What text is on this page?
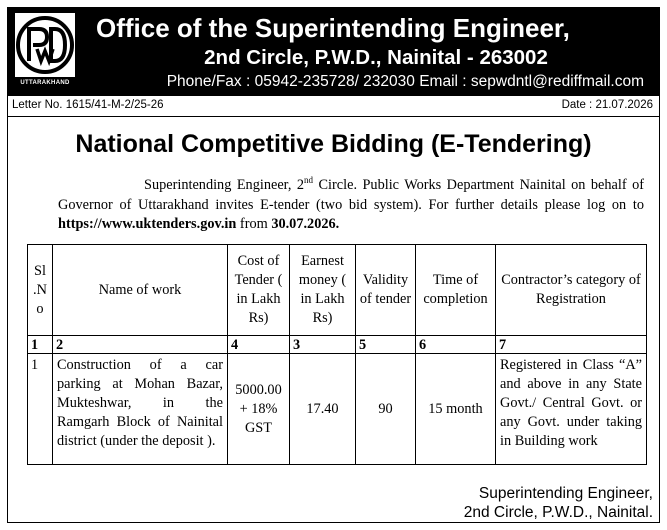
UTTARAKHAND
Office of the Superintending Engineer,
2nd Circle, P.W.D., Nainital - 263002
Phone/Fax : 05942-235728/ 232030 Email : sepwdntl@rediffmail.com
Letter No. 1615/41-M-2/25-26	Date : 21.07.2026
National Competitive Bidding (E-Tendering)
Superintending Engineer, 2nd Circle. Public Works Department Nainital on behalf of Governor of Uttarakhand invites E-tender (two bid system). For further details please log on to https://www.uktenders.gov.in from 30.07.2026.
Sl .N o	Name of work	Cost of Tender ( in Lakh Rs)	Earnest money ( in Lakh Rs)	Validity of tender	Time of completion	Contractor’s category of Registration
1	2	4	3	5	6	7
1	Construction of a car parking at Mohan Bazar, Mukteshwar, in the Ramgarh Block of Nainital district (under the deposit ).	5000.00 + 18% GST	17.40	90	15 month	Registered in Class “A” and above in any State Govt./ Central Govt. or any Govt. under taking in Building work
Superintending Engineer,
2nd Circle, P.W.D., Nainital.
